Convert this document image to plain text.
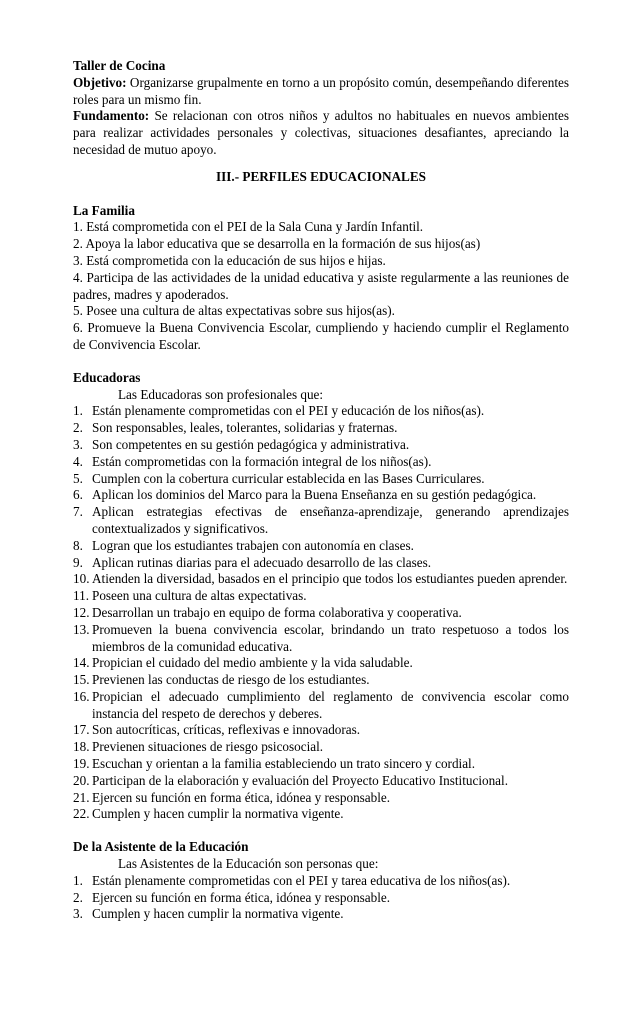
Taller de Cocina

Objetivo: Organizarse grupalmente en torno a un propósito común, desempeñando diferentes roles para un mismo fin.

Fundamento: Se relacionan con otros niños y adultos no habituales en nuevos ambientes para realizar actividades personales y colectivas, situaciones desafiantes, apreciando la necesidad de mutuo apoyo.

III.- PERFILES EDUCACIONALES

La Familia

1. Está comprometida con el PEI de la Sala Cuna y Jardín Infantil.
2. Apoya la labor educativa que se desarrolla en la formación de sus hijos(as)
3. Está comprometida con la educación de sus hijos e hijas.
4. Participa de las actividades de la unidad educativa y asiste regularmente a las reuniones de padres, madres y apoderados.
5. Posee una cultura de altas expectativas sobre sus hijos(as).
6. Promueve la Buena Convivencia Escolar, cumpliendo y haciendo cumplir el Reglamento de Convivencia Escolar.

Educadoras

Las Educadoras son profesionales que:

1. Están plenamente comprometidas con el PEI y educación de los niños(as).
2. Son responsables, leales, tolerantes, solidarias y fraternas.
3. Son competentes en su gestión pedagógica y administrativa.
4. Están comprometidas con la formación integral de los niños(as).
5. Cumplen con la cobertura curricular establecida en las Bases Curriculares.
6. Aplican los dominios del Marco para la Buena Enseñanza en su gestión pedagógica.
7. Aplican estrategias efectivas de enseñanza-aprendizaje, generando aprendizajes contextualizados y significativos.
8. Logran que los estudiantes trabajen con autonomía en clases.
9. Aplican rutinas diarias para el adecuado desarrollo de las clases.
10. Atienden la diversidad, basados en el principio que todos los estudiantes pueden aprender.
11. Poseen una cultura de altas expectativas.
12. Desarrollan un trabajo en equipo de forma colaborativa y cooperativa.
13. Promueven la buena convivencia escolar, brindando un trato respetuoso a todos los miembros de la comunidad educativa.
14. Propician el cuidado del medio ambiente y la vida saludable.
15. Previenen las conductas de riesgo de los estudiantes.
16. Propician el adecuado cumplimiento del reglamento de convivencia escolar como instancia del respeto de derechos y deberes.
17. Son autocríticas, críticas, reflexivas e innovadoras.
18. Previenen situaciones de riesgo psicosocial.
19. Escuchan y orientan a la familia estableciendo un trato sincero y cordial.
20. Participan de la elaboración y evaluación del Proyecto Educativo Institucional.
21. Ejercen su función en forma ética, idónea y responsable.
22. Cumplen y hacen cumplir la normativa vigente.

De la Asistente de la Educación

Las Asistentes de la Educación son personas que:

1. Están plenamente comprometidas con el PEI y tarea educativa de los niños(as).
2. Ejercen su función en forma ética, idónea y responsable.
3. Cumplen y hacen cumplir la normativa vigente.
